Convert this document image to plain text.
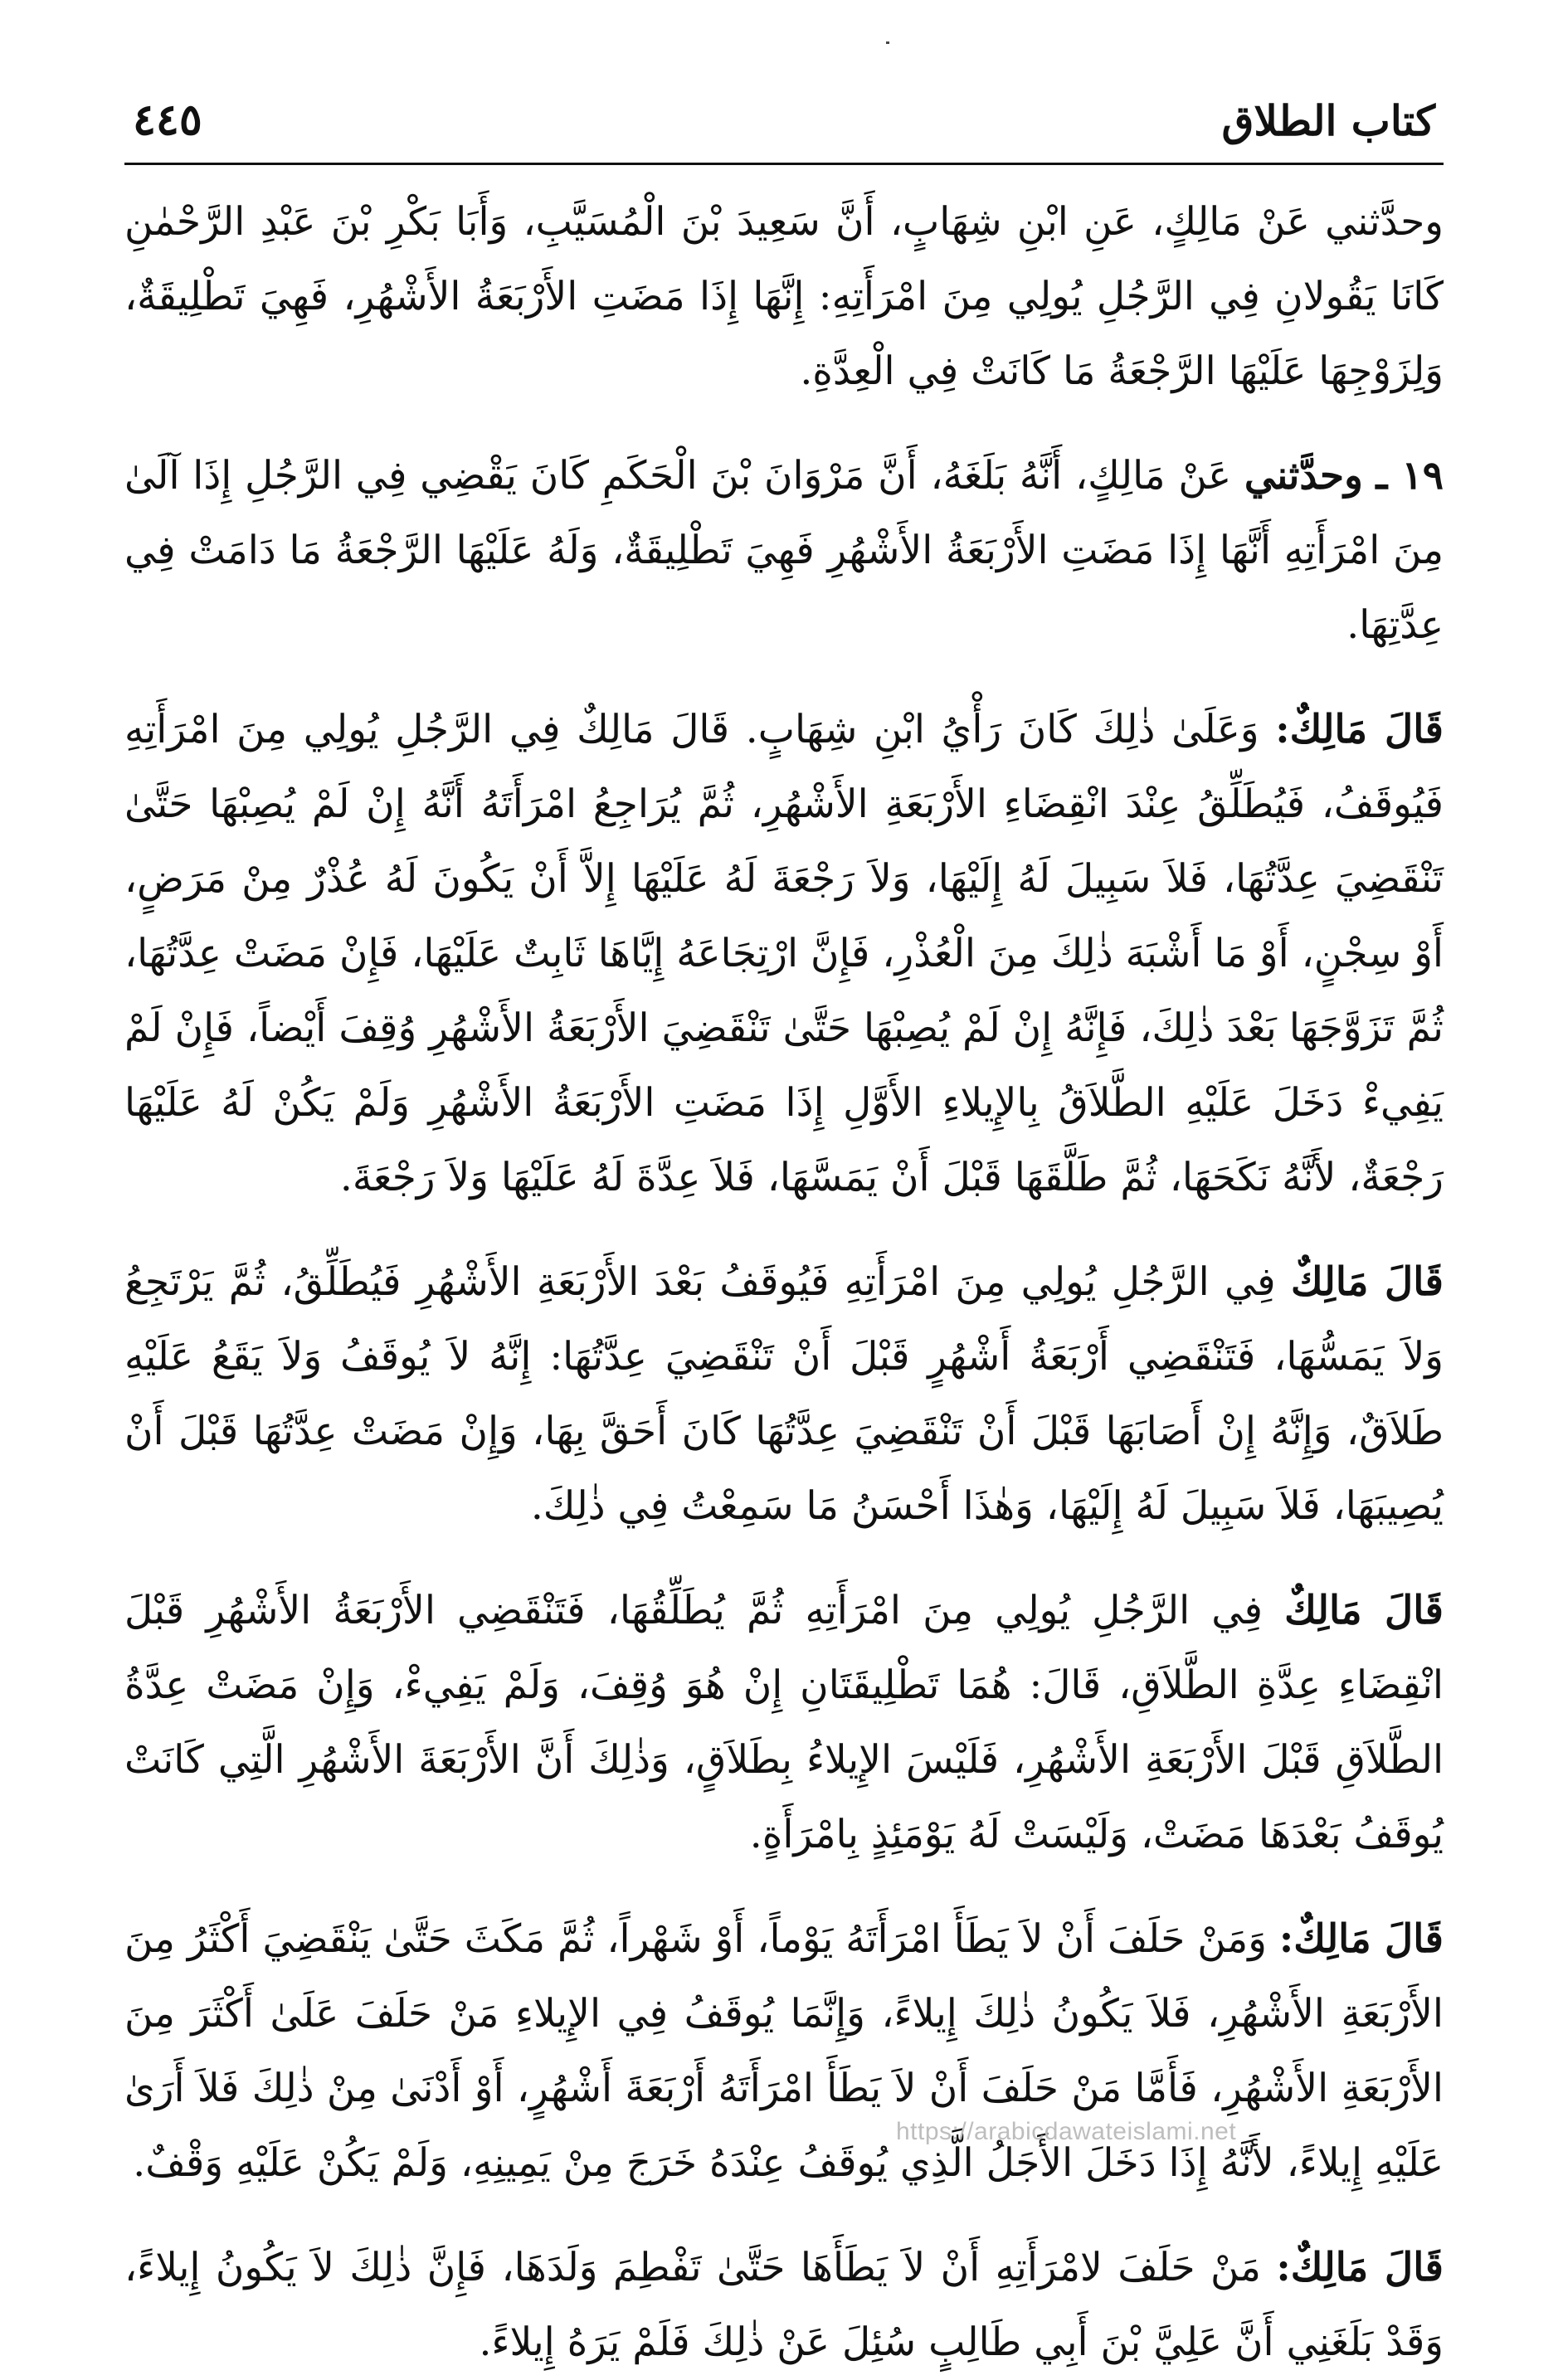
كتاب الطلاق
٤٤٥

وحدَّثني عَنْ مَالِكٍ، عَنِ ابْنِ شِهَابٍ، أَنَّ سَعِيدَ بْنَ الْمُسَيَّبِ، وَأَبَا بَكْرِ بْنَ عَبْدِ الرَّحْمٰنِ كَانَا يَقُولانِ فِي الرَّجُلِ يُولِي مِنَ امْرَأَتِهِ: إِنَّهَا إِذَا مَضَتِ الأَرْبَعَةُ الأَشْهُرِ، فَهِيَ تَطْلِيقَةٌ، وَلِزَوْجِهَا عَلَيْهَا الرَّجْعَةُ مَا كَانَتْ فِي الْعِدَّةِ.

١٩ ـ وحدَّثني عَنْ مَالِكٍ، أَنَّهُ بَلَغَهُ، أَنَّ مَرْوَانَ بْنَ الْحَكَمِ كَانَ يَقْضِي فِي الرَّجُلِ إِذَا آلَىٰ مِنَ امْرَأَتِهِ أَنَّهَا إِذَا مَضَتِ الأَرْبَعَةُ الأَشْهُرِ فَهِيَ تَطْلِيقَةٌ، وَلَهُ عَلَيْهَا الرَّجْعَةُ مَا دَامَتْ فِي عِدَّتِهَا.

قَالَ مَالِكٌ: وَعَلَىٰ ذٰلِكَ كَانَ رَأْيُ ابْنِ شِهَابٍ. قَالَ مَالِكٌ فِي الرَّجُلِ يُولِي مِنَ امْرَأَتِهِ فَيُوقَفُ، فَيُطَلِّقُ عِنْدَ انْقِضَاءِ الأَرْبَعَةِ الأَشْهُرِ، ثُمَّ يُرَاجِعُ امْرَأَتَهُ أَنَّهُ إِنْ لَمْ يُصِبْهَا حَتَّىٰ تَنْقَضِيَ عِدَّتُهَا، فَلاَ سَبِيلَ لَهُ إِلَيْهَا، وَلاَ رَجْعَةَ لَهُ عَلَيْهَا إِلاَّ أَنْ يَكُونَ لَهُ عُذْرٌ مِنْ مَرَضٍ، أَوْ سِجْنٍ، أَوْ مَا أَشْبَهَ ذٰلِكَ مِنَ الْعُذْرِ، فَإِنَّ ارْتِجَاعَهُ إِيَّاهَا ثَابِتٌ عَلَيْهَا، فَإِنْ مَضَتْ عِدَّتُهَا، ثُمَّ تَزَوَّجَهَا بَعْدَ ذٰلِكَ، فَإِنَّهُ إِنْ لَمْ يُصِبْهَا حَتَّىٰ تَنْقَضِيَ الأَرْبَعَةُ الأَشْهُرِ وُقِفَ أَيْضاً، فَإِنْ لَمْ يَفِيءْ دَخَلَ عَلَيْهِ الطَّلاَقُ بِالإِيلاءِ الأَوَّلِ إِذَا مَضَتِ الأَرْبَعَةُ الأَشْهُرِ وَلَمْ يَكُنْ لَهُ عَلَيْهَا رَجْعَةٌ، لأَنَّهُ نَكَحَهَا، ثُمَّ طَلَّقَهَا قَبْلَ أَنْ يَمَسَّهَا، فَلاَ عِدَّةَ لَهُ عَلَيْهَا وَلاَ رَجْعَةَ.

قَالَ مَالِكٌ فِي الرَّجُلِ يُولِي مِنَ امْرَأَتِهِ فَيُوقَفُ بَعْدَ الأَرْبَعَةِ الأَشْهُرِ فَيُطَلِّقُ، ثُمَّ يَرْتَجِعُ وَلاَ يَمَسُّهَا، فَتَنْقَضِي أَرْبَعَةُ أَشْهُرٍ قَبْلَ أَنْ تَنْقَضِيَ عِدَّتُهَا: إِنَّهُ لاَ يُوقَفُ وَلاَ يَقَعُ عَلَيْهِ طَلاَقٌ، وَإِنَّهُ إِنْ أَصَابَهَا قَبْلَ أَنْ تَنْقَضِيَ عِدَّتُهَا كَانَ أَحَقَّ بِهَا، وَإِنْ مَضَتْ عِدَّتُهَا قَبْلَ أَنْ يُصِيبَهَا، فَلاَ سَبِيلَ لَهُ إِلَيْهَا، وَهٰذَا أَحْسَنُ مَا سَمِعْتُ فِي ذٰلِكَ.

قَالَ مَالِكٌ فِي الرَّجُلِ يُولِي مِنَ امْرَأَتِهِ ثُمَّ يُطَلِّقُهَا، فَتَنْقَضِي الأَرْبَعَةُ الأَشْهُرِ قَبْلَ انْقِضَاءِ عِدَّةِ الطَّلاَقِ، قَالَ: هُمَا تَطْلِيقَتَانِ إِنْ هُوَ وُقِفَ، وَلَمْ يَفِيءْ، وَإِنْ مَضَتْ عِدَّةُ الطَّلاَقِ قَبْلَ الأَرْبَعَةِ الأَشْهُرِ، فَلَيْسَ الإِيلاءُ بِطَلاَقٍ، وَذٰلِكَ أَنَّ الأَرْبَعَةَ الأَشْهُرِ الَّتِي كَانَتْ يُوقَفُ بَعْدَهَا مَضَتْ، وَلَيْسَتْ لَهُ يَوْمَئِذٍ بِامْرَأَةٍ.

قَالَ مَالِكٌ: وَمَنْ حَلَفَ أَنْ لاَ يَطَأَ امْرَأَتَهُ يَوْماً، أَوْ شَهْراً، ثُمَّ مَكَثَ حَتَّىٰ يَنْقَضِيَ أَكْثَرُ مِنَ الأَرْبَعَةِ الأَشْهُرِ، فَلاَ يَكُونُ ذٰلِكَ إِيلاءً، وَإِنَّمَا يُوقَفُ فِي الإِيلاءِ مَنْ حَلَفَ عَلَىٰ أَكْثَرَ مِنَ الأَرْبَعَةِ الأَشْهُرِ، فَأَمَّا مَنْ حَلَفَ أَنْ لاَ يَطَأَ امْرَأَتَهُ أَرْبَعَةَ أَشْهُرٍ، أَوْ أَدْنَىٰ مِنْ ذٰلِكَ فَلاَ أَرَىٰ عَلَيْهِ إِيلاءً، لأَنَّهُ إِذَا دَخَلَ الأَجَلُ الَّذِي يُوقَفُ عِنْدَهُ خَرَجَ مِنْ يَمِينِهِ، وَلَمْ يَكُنْ عَلَيْهِ وَقْفٌ.

قَالَ مَالِكٌ: مَنْ حَلَفَ لامْرَأَتِهِ أَنْ لاَ يَطَأَهَا حَتَّىٰ تَفْطِمَ وَلَدَهَا، فَإِنَّ ذٰلِكَ لاَ يَكُونُ إِيلاءً، وَقَدْ بَلَغَنِي أَنَّ عَلِيَّ بْنَ أَبِي طَالِبٍ سُئِلَ عَنْ ذٰلِكَ فَلَمْ يَرَهُ إِيلاءً.

https://arabicdawateislami.net
